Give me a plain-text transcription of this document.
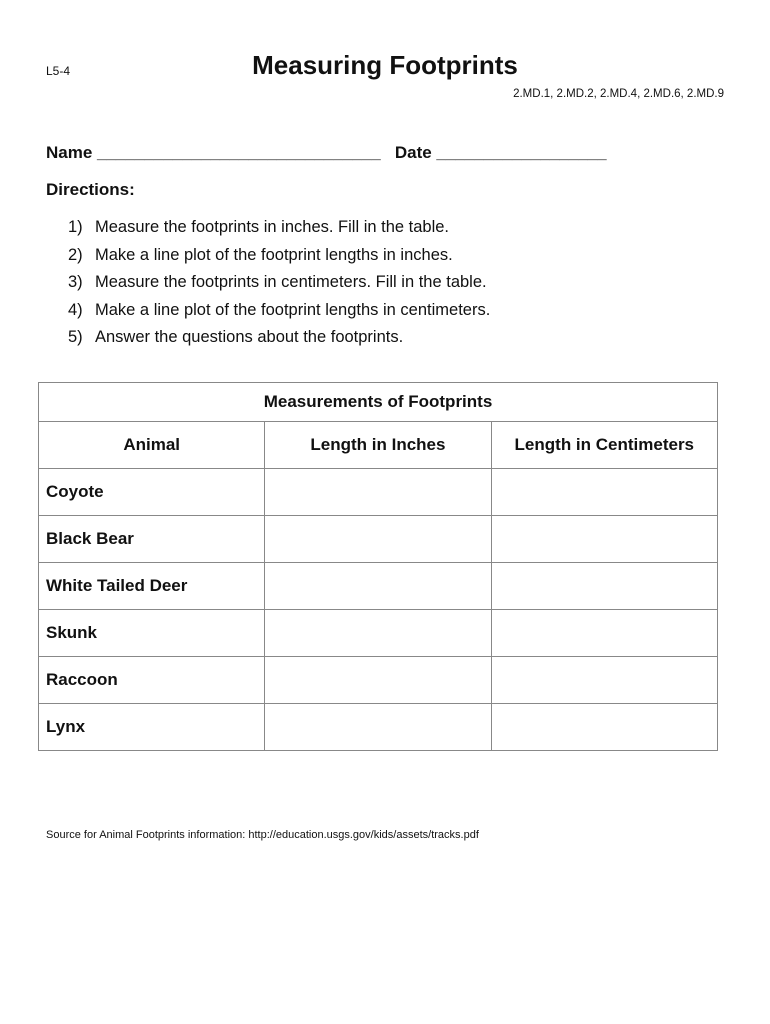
L5-4	Measuring Footprints
2.MD.1, 2.MD.2, 2.MD.4, 2.MD.6, 2.MD.9
Name ______________________________   Date __________________
Directions:
1) Measure the footprints in inches. Fill in the table.
2) Make a line plot of the footprint lengths in inches.
3) Measure the footprints in centimeters. Fill in the table.
4) Make a line plot of the footprint lengths in centimeters.
5) Answer the questions about the footprints.
Measurements of Footprints		
Animal	Length in Inches	Length in Centimeters
Coyote		
Black Bear		
White Tailed Deer		
Skunk		
Raccoon		
Lynx		
Source for Animal Footprints information: http://education.usgs.gov/kids/assets/tracks.pdf
